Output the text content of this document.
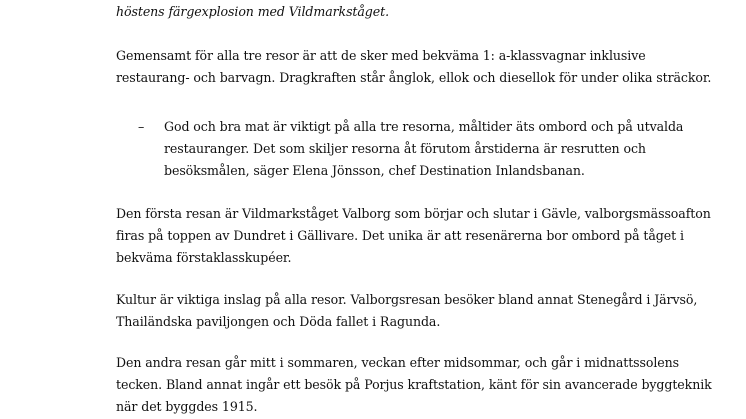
höstens färgexplosion med Vildmarkståget.
Gemensamt för alla tre resor är att de sker med bekväma 1: a-klassvagnar inklusive
restaurang- och barvagn. Dragkraften står ånglok, ellok och diesellok för under olika sträckor.
– God och bra mat är viktigt på alla tre resorna, måltider äts ombord och på utvalda
restauranger. Det som skiljer resorna åt förutom årstiderna är resrutten och
besöksmålen, säger Elena Jönsson, chef Destination Inlandsbanan.
Den första resan är Vildmarkståget Valborg som börjar och slutar i Gävle, valborgsmässoafton
firas på toppen av Dundret i Gällivare. Det unika är att resenärerna bor ombord på tåget i
bekväma förstaklasskupéer.
Kultur är viktiga inslag på alla resor. Valborgsresan besöker bland annat Stenegård i Järvsö,
Thailändska paviljongen och Döda fallet i Ragunda.
Den andra resan går mitt i sommaren, veckan efter midsommar, och går i midnattssolens
tecken. Bland annat ingår ett besök på Porjus kraftstation, känt för sin avancerade byggteknik
när det byggdes 1915.
